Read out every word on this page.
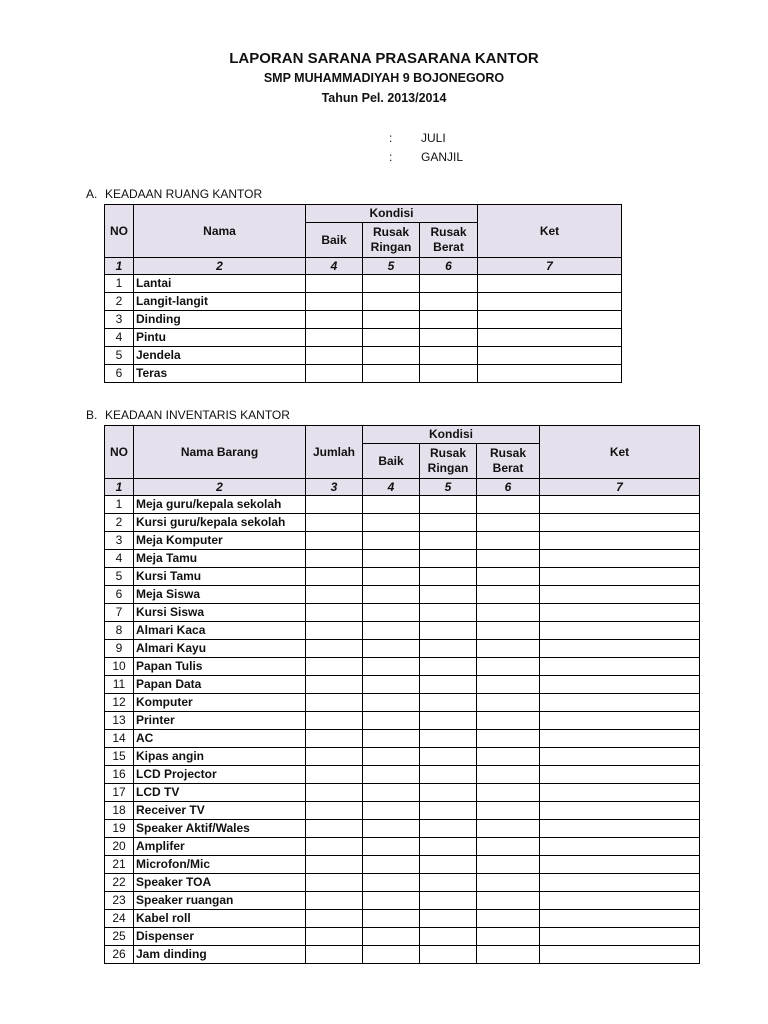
LAPORAN SARANA PRASARANA KANTOR
SMP MUHAMMADIYAH 9 BOJONEGORO
Tahun Pel. 2013/2014
: JULI
: GANJIL
A. KEADAAN RUANG KANTOR
NO	Nama	Kondisi			Ket
		Baik	Rusak Ringan	Rusak Berat	
1	2	4	5	6	7
1	Lantai				
2	Langit-langit				
3	Dinding				
4	Pintu				
5	Jendela				
6	Teras				
B. KEADAAN INVENTARIS KANTOR
NO	Nama Barang	Jumlah	Kondisi			Ket
			Baik	Rusak Ringan	Rusak Berat	
1	2	3	4	5	6	7
1	Meja guru/kepala sekolah					
2	Kursi guru/kepala sekolah					
3	Meja Komputer					
4	Meja Tamu					
5	Kursi Tamu					
6	Meja Siswa					
7	Kursi Siswa					
8	Almari Kaca					
9	Almari Kayu					
10	Papan Tulis					
11	Papan Data					
12	Komputer					
13	Printer					
14	AC					
15	Kipas angin					
16	LCD Projector					
17	LCD TV					
18	Receiver TV					
19	Speaker Aktif/Wales					
20	Amplifer					
21	Microfon/Mic					
22	Speaker TOA					
23	Speaker ruangan					
24	Kabel roll					
25	Dispenser					
26	Jam dinding					
